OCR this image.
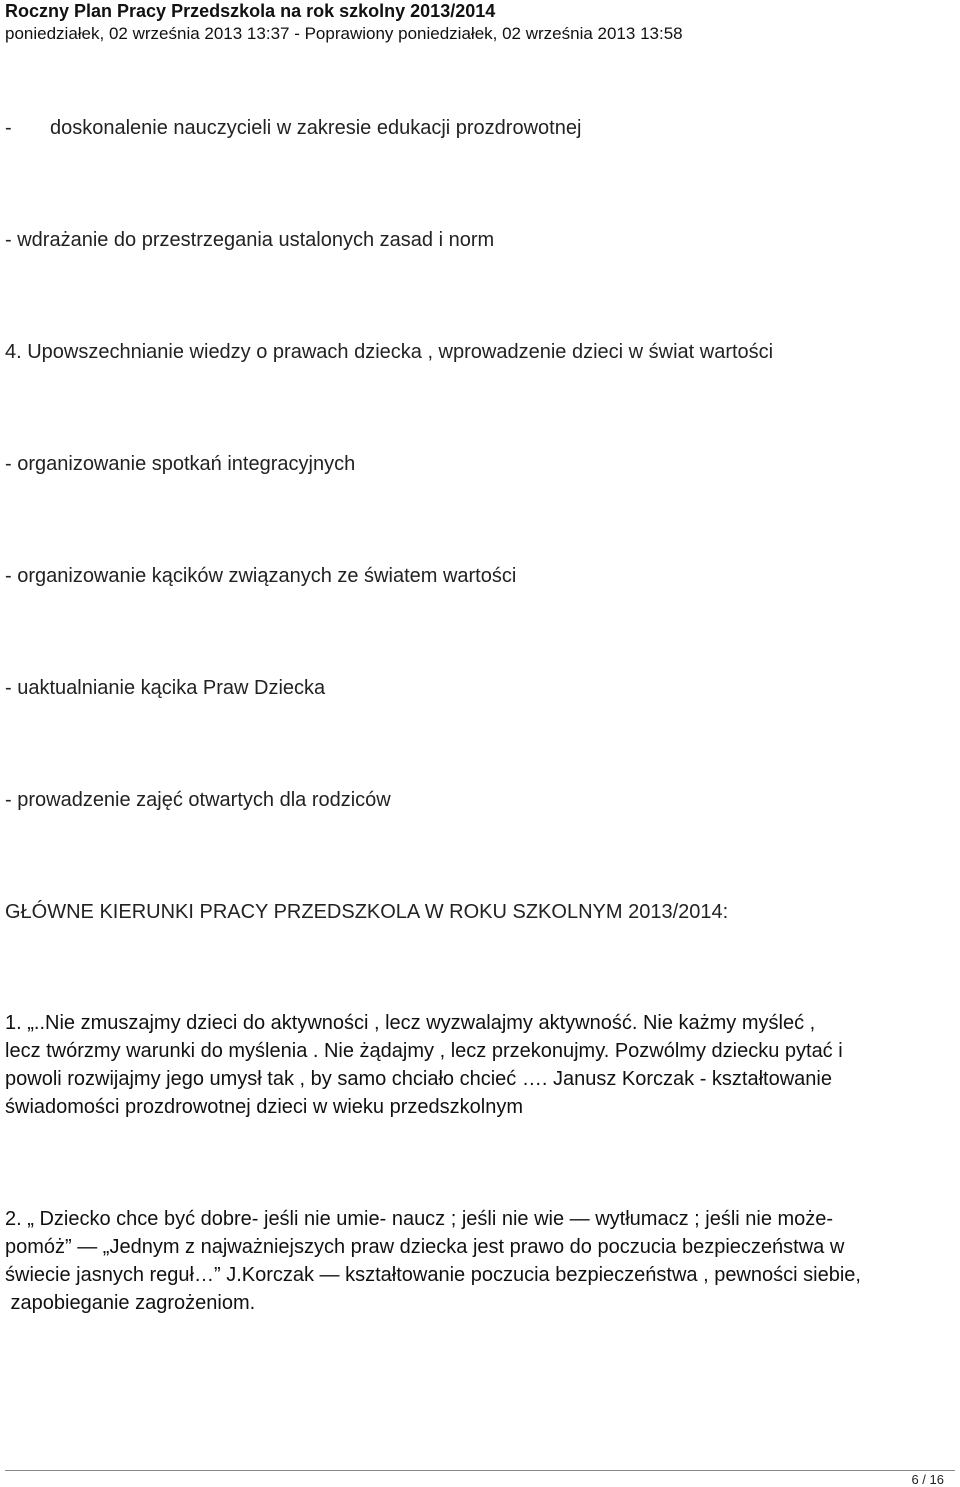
Roczny Plan Pracy Przedszkola na rok szkolny 2013/2014

poniedziałek, 02 września 2013 13:37 - Poprawiony poniedziałek, 02 września 2013 13:58

- doskonalenie nauczycieli w zakresie edukacji prozdrowotnej

- wdrażanie do przestrzegania ustalonych zasad i norm

4. Upowszechnianie wiedzy o prawach dziecka , wprowadzenie dzieci w świat wartości

- organizowanie spotkań integracyjnych

- organizowanie kącików związanych ze światem wartości

- uaktualnianie kącika Praw Dziecka

- prowadzenie zajęć otwartych dla rodziców

GŁÓWNE KIERUNKI PRACY PRZEDSZKOLA W ROKU SZKOLNYM 2013/2014:

1. „..Nie zmuszajmy dzieci do aktywności , lecz wyzwalajmy aktywność. Nie każmy myśleć ,
lecz twórzmy warunki do myślenia . Nie żądajmy , lecz przekonujmy. Pozwólmy dziecku pytać i
powoli rozwijajmy jego umysł tak , by samo chciało chcieć …. Janusz Korczak - kształtowanie
świadomości prozdrowotnej dzieci w wieku przedszkolnym
2. „ Dziecko chce być dobre- jeśli nie umie- naucz ; jeśli nie wie — wytłumacz ; jeśli nie może-
pomóż” — „Jednym z najważniejszych praw dziecka jest prawo do poczucia bezpieczeństwa w
świecie jasnych reguł…” J.Korczak — kształtowanie poczucia bezpieczeństwa , pewności siebie,
zapobieganie zagrożeniom.
6 / 16
